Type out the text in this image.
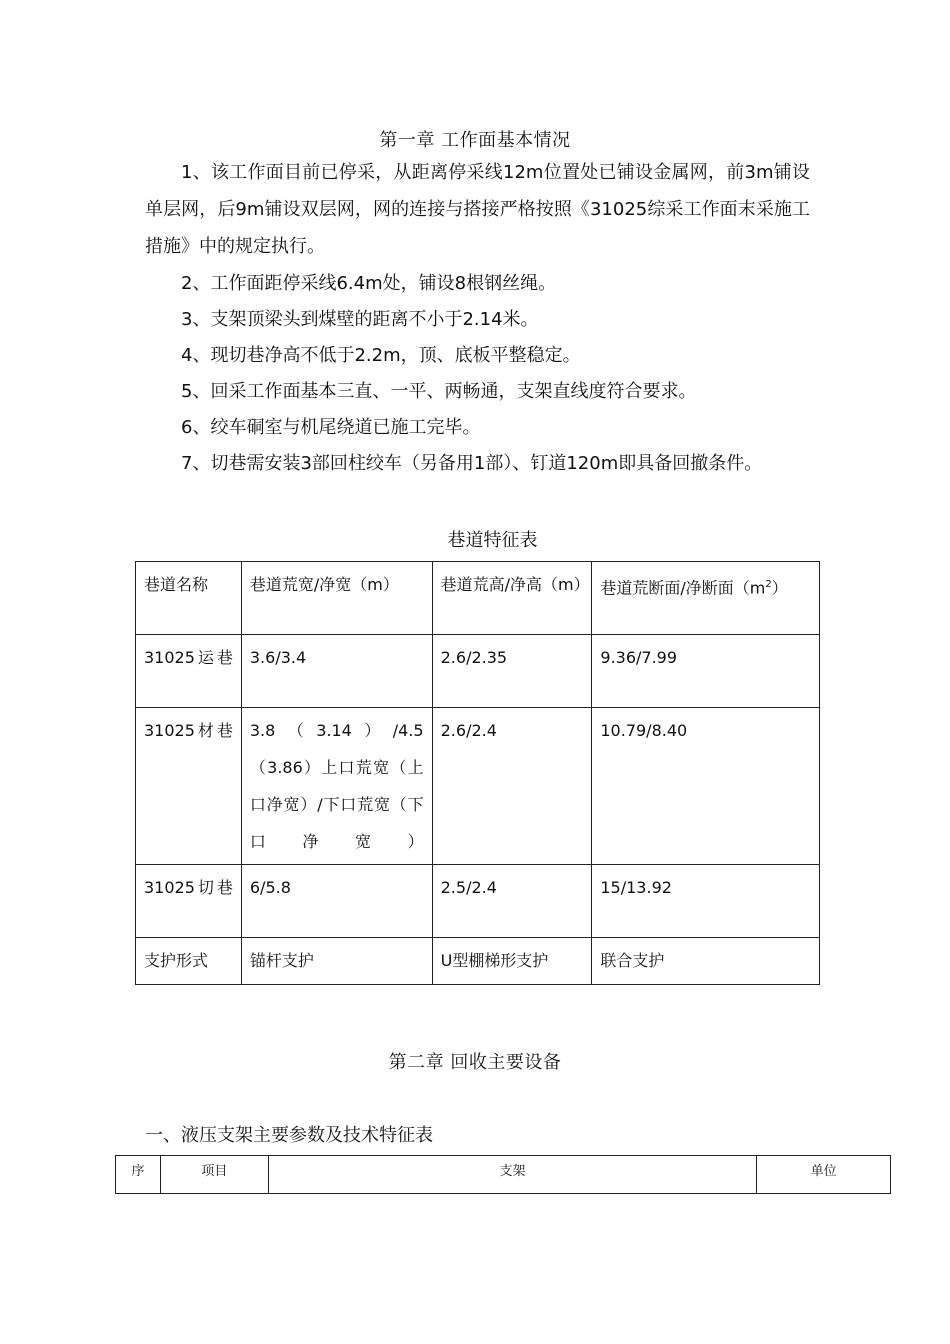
第一章 工作面基本情况

1、该工作面目前已停采，从距离停采线12m位置处已铺设金属网，前3m铺设单层网，后9m铺设双层网，网的连接与搭接严格按照《31025综采工作面末采施工措施》中的规定执行。

2、工作面距停采线6.4m处，铺设8根钢丝绳。

3、支架顶梁头到煤壁的距离不小于2.14米。

4、现切巷净高不低于2.2m，顶、底板平整稳定。

5、回采工作面基本三直、一平、两畅通，支架直线度符合要求。

6、绞车硐室与机尾绕道已施工完毕。

7、切巷需安装3部回柱绞车（另备用1部）、钉道120m即具备回撤条件。

巷道特征表
巷道名称	巷道荒宽/净宽（m）	巷道荒高/净高（m）	巷道荒断面/净断面$(m^2)$
31025运巷	3.6/3.4	2.6/2.35	9.36/7.99
31025材巷	3.8（3.14）/4.5（3.86）上口荒宽（上口净宽）/下口荒宽（下口净宽）	2.6/2.4	10.79/8.40
31025切巷	6/5.8	2.5/2.4	15/13.92
支护形式	锚杆支护	U型棚梯形支护	联合支护
第二章 回收主要设备
一、液压支架主要参数及技术特征表
序	项目	支架	单位
